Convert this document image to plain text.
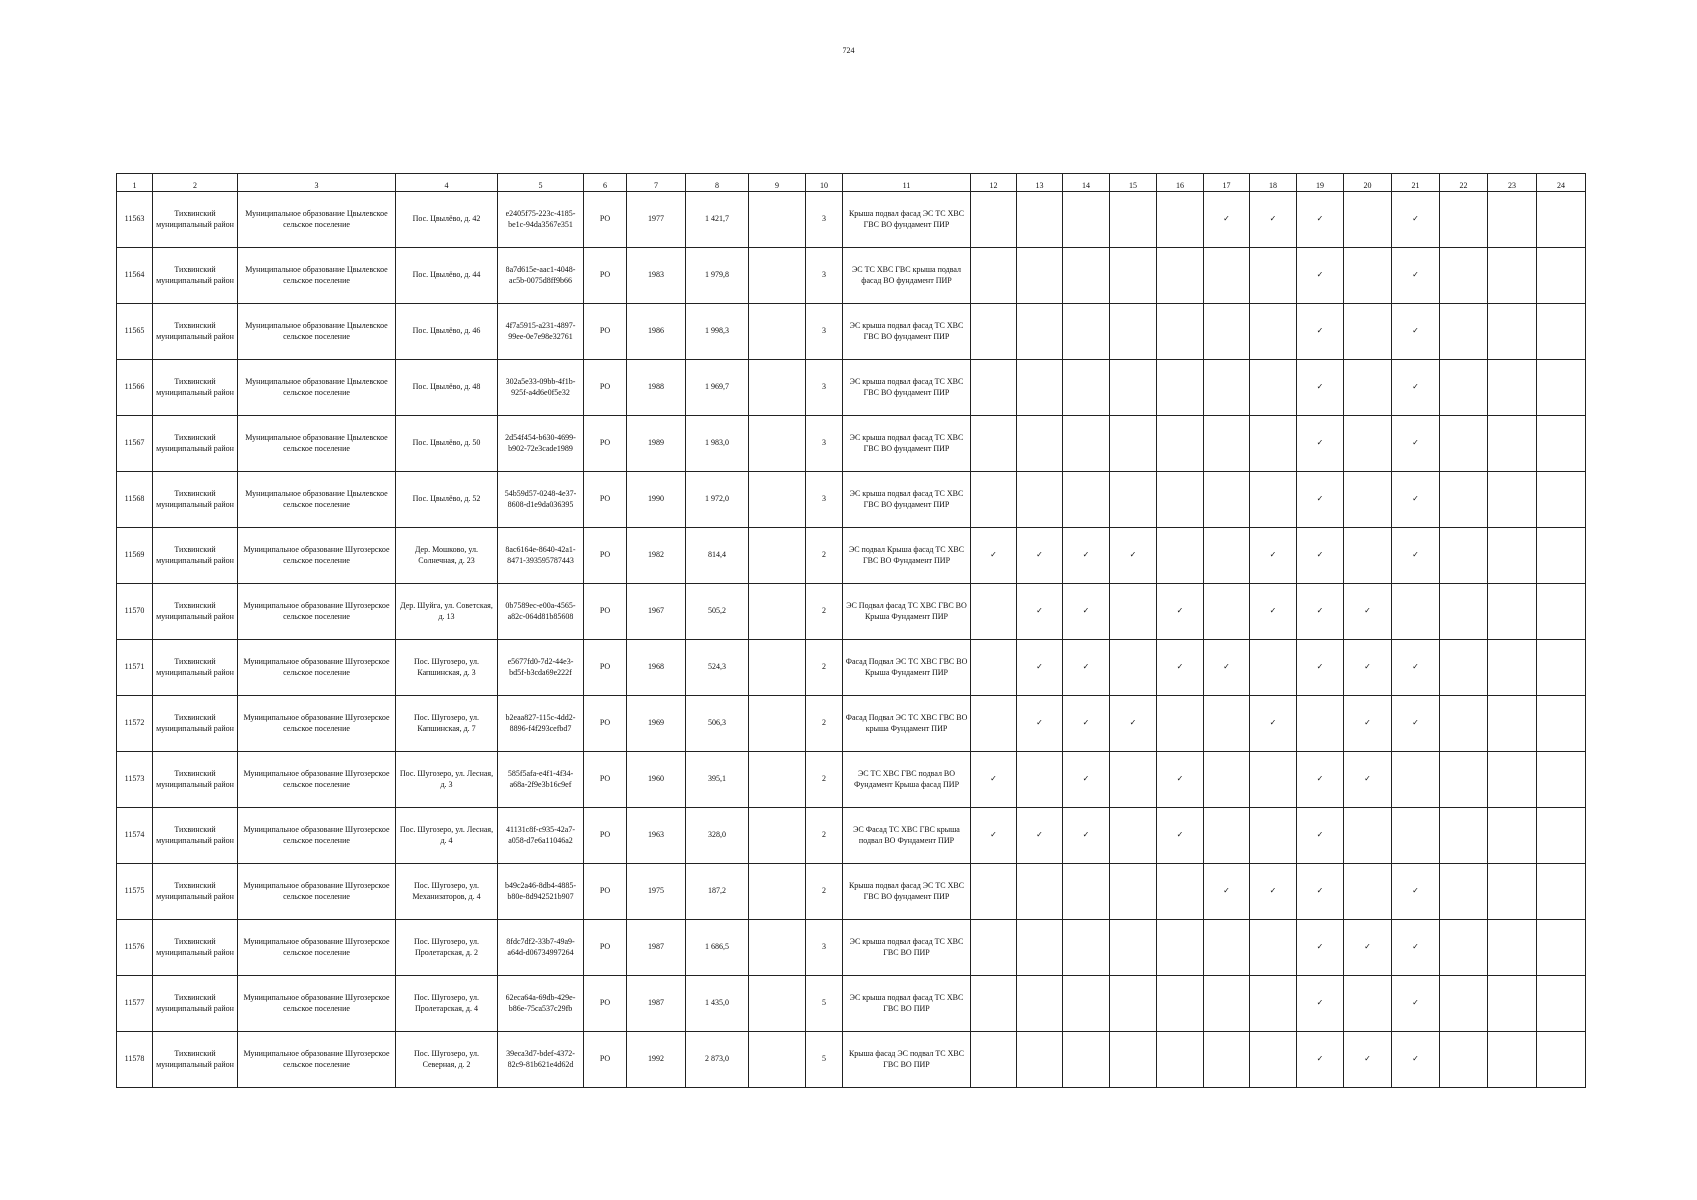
724
1	2	3	4	5	6	7	8	9	10	11	12	13	14	15	16	17	18	19	20	21	22	23	24
11563	Тихвинский муниципальный район	Муниципальное образование Цвылевское сельское поселение	Пос. Цвылёво, д. 42	e2405f75-223c-4185-be1c-94da3567e351	РО	1977	1 421,7		3	Крыша подвал фасад ЭС ТС ХВС ГВС ВО фундамент ПИР						✓	✓	✓		✓			
11564	Тихвинский муниципальный район	Муниципальное образование Цвылевское сельское поселение	Пос. Цвылёво, д. 44	8a7d615e-aac1-4048-ac5b-0075d8ff9b66	РО	1983	1 979,8		3	ЭС ТС ХВС ГВС крыша подвал фасад ВО фундамент ПИР								✓		✓			
11565	Тихвинский муниципальный район	Муниципальное образование Цвылевское сельское поселение	Пос. Цвылёво, д. 46	4f7a5915-a231-4897-99ee-0e7e98e32761	РО	1986	1 998,3		3	ЭС крыша подвал фасад ТС ХВС ГВС ВО фундамент ПИР								✓		✓			
11566	Тихвинский муниципальный район	Муниципальное образование Цвылевское сельское поселение	Пос. Цвылёво, д. 48	302a5e33-09bb-4f1b-925f-a4d6e0f5e32	РО	1988	1 969,7		3	ЭС крыша подвал фасад ТС ХВС ГВС ВО фундамент ПИР								✓		✓			
11567	Тихвинский муниципальный район	Муниципальное образование Цвылевское сельское поселение	Пос. Цвылёво, д. 50	2d54f454-b630-4699-b902-72e3cade1989	РО	1989	1 983,0		3	ЭС крыша подвал фасад ТС ХВС ГВС ВО фундамент ПИР								✓		✓			
11568	Тихвинский муниципальный район	Муниципальное образование Цвылевское сельское поселение	Пос. Цвылёво, д. 52	54b59d57-0248-4e37-8608-d1e9da036395	РО	1990	1 972,0		3	ЭС крыша подвал фасад ТС ХВС ГВС ВО фундамент ПИР								✓		✓			
11569	Тихвинский муниципальный район	Муниципальное образование Шугозерское сельское поселение	Дер. Мошково, ул. Солнечная, д. 23	8ac6164e-8640-42a1-8471-393595787443	РО	1982	814,4		2	ЭС подвал Крыша фасад ТС ХВС ГВС ВО Фундамент ПИР	✓	✓	✓	✓			✓	✓		✓			
11570	Тихвинский муниципальный район	Муниципальное образование Шугозерское сельское поселение	Дер. Шуйга, ул. Советская, д. 13	0b7589ec-e00a-4565-a82c-064d81b85608	РО	1967	505,2		2	ЭС Подвал фасад ТС ХВС ГВС ВО Крыша Фундамент ПИР		✓	✓		✓		✓	✓	✓				
11571	Тихвинский муниципальный район	Муниципальное образование Шугозерское сельское поселение	Пос. Шугозеро, ул. Капшинская, д. 3	e5677fd0-7d2-44e3-bd5f-b3cda69e222f	РО	1968	524,3		2	Фасад Подвал ЭС ТС ХВС ГВС ВО Крыша Фундамент ПИР		✓	✓		✓	✓		✓	✓	✓			
11572	Тихвинский муниципальный район	Муниципальное образование Шугозерское сельское поселение	Пос. Шугозеро, ул. Капшинская, д. 7	b2eaa827-115c-4dd2-8896-f4f293cefbd7	РО	1969	506,3		2	Фасад Подвал ЭС ТС ХВС ГВС ВО крыша Фундамент ПИР		✓	✓	✓			✓		✓	✓			
11573	Тихвинский муниципальный район	Муниципальное образование Шугозерское сельское поселение	Пос. Шугозеро, ул. Лесная, д. 3	585f5afa-e4f1-4f34-a68a-2f9e3b16c9ef	РО	1960	395,1		2	ЭС ТС ХВС ГВС подвал ВО Фундамент Крыша фасад ПИР	✓		✓		✓			✓	✓				
11574	Тихвинский муниципальный район	Муниципальное образование Шугозерское сельское поселение	Пос. Шугозеро, ул. Лесная, д. 4	41131c8f-c935-42a7-a058-d7e6a11046a2	РО	1963	328,0		2	ЭС Фасад ТС ХВС ГВС крыша подвал ВО Фундамент ПИР	✓	✓	✓		✓			✓					
11575	Тихвинский муниципальный район	Муниципальное образование Шугозерское сельское поселение	Пос. Шугозеро, ул. Механизаторов, д. 4	b49c2a46-8db4-4885-b80e-8d942521b907	РО	1975	187,2		2	Крыша подвал фасад ЭС ТС ХВС ГВС ВО фундамент ПИР						✓	✓	✓		✓			
11576	Тихвинский муниципальный район	Муниципальное образование Шугозерское сельское поселение	Пос. Шугозеро, ул. Пролетарская, д. 2	8fdc7df2-33b7-49a9-a64d-d06734997264	РО	1987	1 686,5		3	ЭС крыша подвал фасад ТС ХВС ГВС ВО ПИР								✓	✓	✓			
11577	Тихвинский муниципальный район	Муниципальное образование Шугозерское сельское поселение	Пос. Шугозеро, ул. Пролетарская, д. 4	62eca64a-69db-429e-b86e-75ca537c29fb	РО	1987	1 435,0		5	ЭС крыша подвал фасад ТС ХВС ГВС ВО ПИР								✓		✓			
11578	Тихвинский муниципальный район	Муниципальное образование Шугозерское сельское поселение	Пос. Шугозеро, ул. Северная, д. 2	39eca3d7-bdef-4372-82c9-81b621e4d62d	РО	1992	2 873,0		5	Крыша фасад ЭС подвал ТС ХВС ГВС ВО ПИР								✓	✓	✓			
